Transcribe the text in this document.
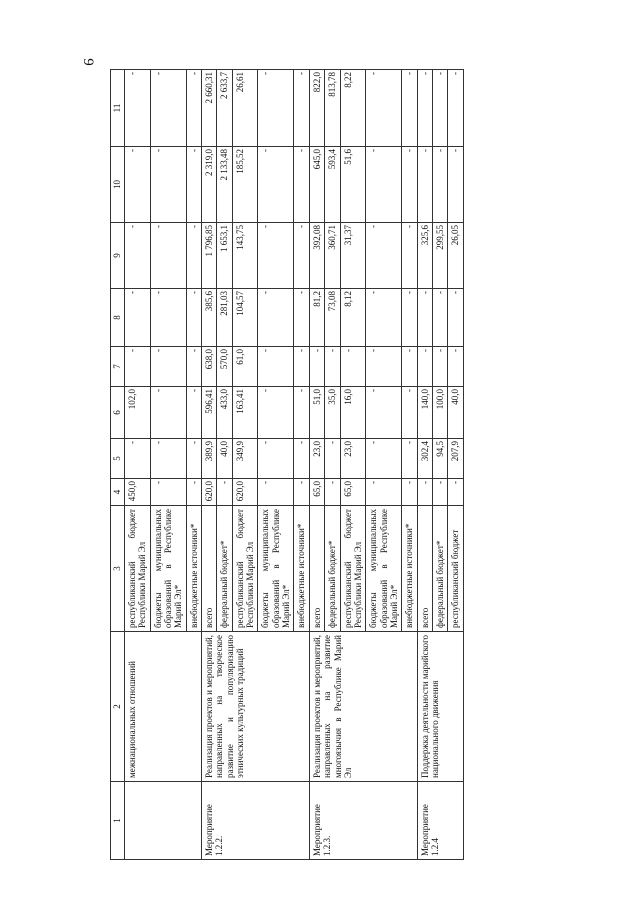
9
1	2	3	4	5	6	7	8	9	10	11
	межнациональных отношений	республиканский бюджет Республики Марий Эл	450,0	-	102,0	-	-	-	-	-
		бюджеты муниципальных образований в Республике Марий Эл*	-	-	-	-	-	-	-	-
		внебюджетные источники*	-	-	-	-	-	-	-	-
Мероприятие 1.2.2.	Реализация проектов и мероприятий, направленных на творческое развитие и популяризацию этнических культурных традиций	всего	620,0	389,9	596,41	638,0	385,6	1 796,85	2 319,0	2 660,31
		федеральный бюджет*	-	40,0	433,0	570,0	281,03	1 653,1	2 133,48	2 633,7
		республиканский бюджет Республики Марий Эл	620,0	349,9	163,41	61,0	104,57	143,75	185,52	26,61
		бюджеты муниципальных образований в Республике Марий Эл*	-	-	-	-	-	-	-	-
		внебюджетные источники*	-	-	-	-	-	-	-	-
Мероприятие 1.2.3.	Реализация проектов и мероприятий, направленных на развитие многоязычия в Республике Марий Эл	всего	65,0	23,0	51,0	-	81,2	392,08	645,0	822,0
		федеральный бюджет*	-	-	35,0	-	73,08	360,71	593,4	813,78
		республиканский бюджет Республики Марий Эл	65,0	23,0	16,0	-	8,12	31,37	51,6	8,22
		бюджеты муниципальных образований в Республике Марий Эл*	-	-	-	-	-	-	-	-
		внебюджетные источники*	-	-	-	-	-	-	-	-
Мероприятие 1.2.4	Поддержка деятельности марийского национального движения	всего	-	302,4	140,0	-	-	325,6	-	-
		федеральный бюджет*	-	94,5	100,0	-	-	299,55	-	-
		республиканский бюджет	-	207,9	40,0	-	-	26,05	-	-
